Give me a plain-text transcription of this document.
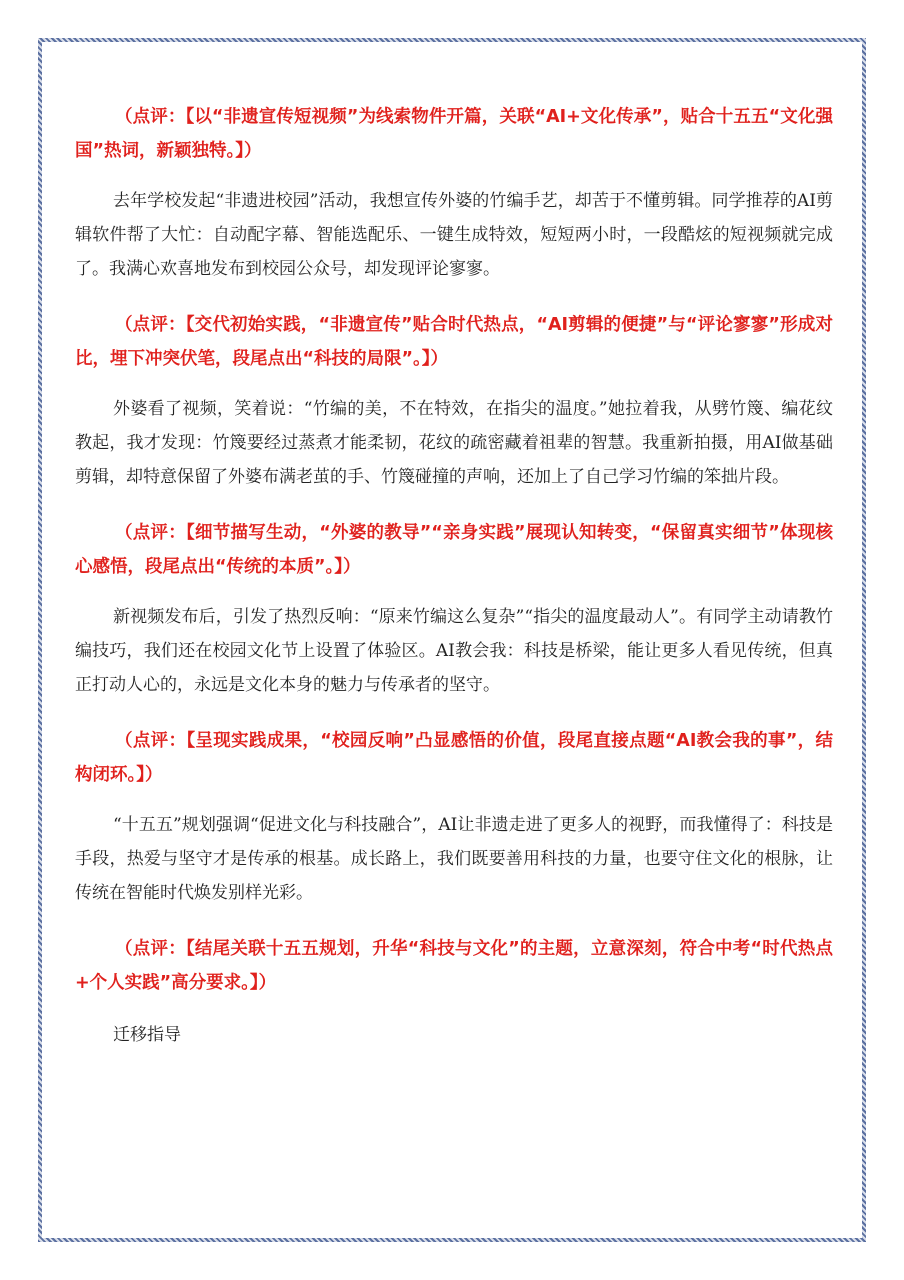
（点评：【以“非遗宣传短视频”为线索物件开篇，关联“AI+文化传承”，贴合十五五“文化强国”热词，新颖独特。】）

去年学校发起“非遗进校园”活动，我想宣传外婆的竹编手艺，却苦于不懂剪辑。同学推荐的AI剪辑软件帮了大忙：自动配字幕、智能选配乐、一键生成特效，短短两小时，一段酷炫的短视频就完成了。我满心欢喜地发布到校园公众号，却发现评论寥寥。

（点评：【交代初始实践，“非遗宣传”贴合时代热点，“AI剪辑的便捷”与“评论寥寥”形成对比，埋下冲突伏笔，段尾点出“科技的局限”。】）

外婆看了视频，笑着说：“竹编的美，不在特效，在指尖的温度。”她拉着我，从劈竹篾、编花纹教起，我才发现：竹篾要经过蒸煮才能柔韧，花纹的疏密藏着祖辈的智慧。我重新拍摄，用AI做基础剪辑，却特意保留了外婆布满老茧的手、竹篾碰撞的声响，还加上了自己学习竹编的笨拙片段。

（点评：【细节描写生动，“外婆的教导”“亲身实践”展现认知转变，“保留真实细节”体现核心感悟，段尾点出“传统的本质”。】）

新视频发布后，引发了热烈反响：“原来竹编这么复杂”“指尖的温度最动人”。有同学主动请教竹编技巧，我们还在校园文化节上设置了体验区。AI教会我：科技是桥梁，能让更多人看见传统，但真正打动人心的，永远是文化本身的魅力与传承者的坚守。

（点评：【呈现实践成果，“校园反响”凸显感悟的价值，段尾直接点题“AI教会我的事”，结构闭环。】）

“十五五”规划强调“促进文化与科技融合”，AI让非遗走进了更多人的视野，而我懂得了：科技是手段，热爱与坚守才是传承的根基。成长路上，我们既要善用科技的力量，也要守住文化的根脉，让传统在智能时代焕发别样光彩。

（点评：【结尾关联十五五规划，升华“科技与文化”的主题，立意深刻，符合中考“时代热点+个人实践”高分要求。】）

迁移指导
